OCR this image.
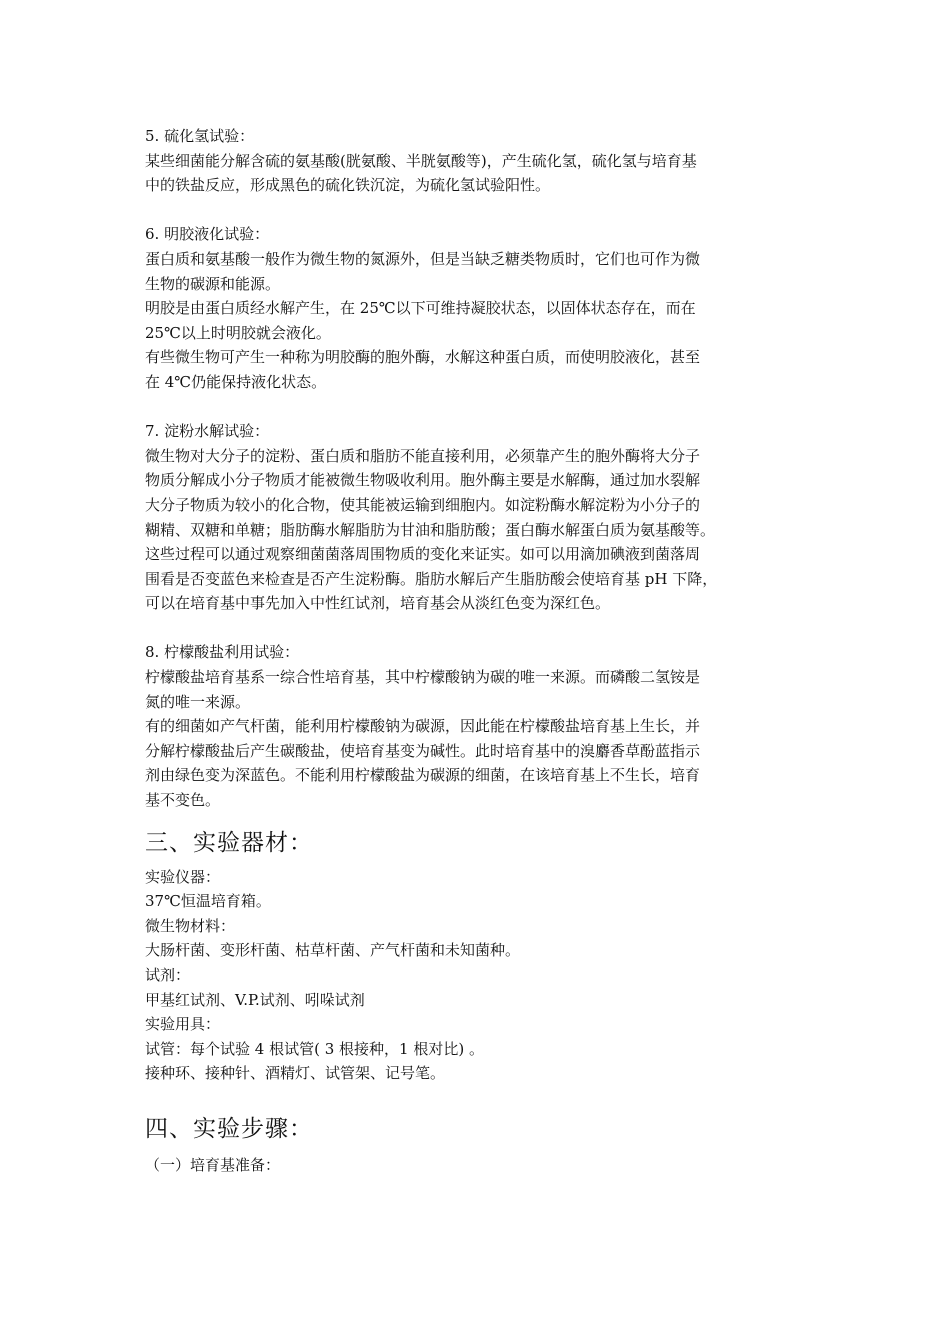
5. 硫化氢试验：
某些细菌能分解含硫的氨基酸(胱氨酸、半胱氨酸等)，产生硫化氢，硫化氢与培育基
中的铁盐反应，形成黑色的硫化铁沉淀，为硫化氢试验阳性。
6. 明胶液化试验：
蛋白质和氨基酸一般作为微生物的氮源外，但是当缺乏糖类物质时，它们也可作为微
生物的碳源和能源。
明胶是由蛋白质经水解产生，在 25℃以下可维持凝胶状态，以固体状态存在，而在
25℃以上时明胶就会液化。
有些微生物可产生一种称为明胶酶的胞外酶，水解这种蛋白质，而使明胶液化，甚至
在 4℃仍能保持液化状态。
7. 淀粉水解试验：
微生物对大分子的淀粉、蛋白质和脂肪不能直接利用，必须靠产生的胞外酶将大分子
物质分解成小分子物质才能被微生物吸收利用。胞外酶主要是水解酶，通过加水裂解
大分子物质为较小的化合物，使其能被运输到细胞内。如淀粉酶水解淀粉为小分子的
糊精、双糖和单糖；脂肪酶水解脂肪为甘油和脂肪酸；蛋白酶水解蛋白质为氨基酸等。
这些过程可以通过观察细菌菌落周围物质的变化来证实。如可以用滴加碘液到菌落周
围看是否变蓝色来检查是否产生淀粉酶。脂肪水解后产生脂肪酸会使培育基 pH 下降，
可以在培育基中事先加入中性红试剂，培育基会从淡红色变为深红色。
8. 柠檬酸盐利用试验：
柠檬酸盐培育基系一综合性培育基，其中柠檬酸钠为碳的唯一来源。而磷酸二氢铵是
氮的唯一来源。
有的细菌如产气杆菌，能利用柠檬酸钠为碳源，因此能在柠檬酸盐培育基上生长，并
分解柠檬酸盐后产生碳酸盐，使培育基变为碱性。此时培育基中的溴麝香草酚蓝指示
剂由绿色变为深蓝色。不能利用柠檬酸盐为碳源的细菌，在该培育基上不生长，培育
基不变色。
三、实验器材：
实验仪器：
37℃恒温培育箱。
微生物材料：
大肠杆菌、变形杆菌、枯草杆菌、产气杆菌和未知菌种。
试剂：
甲基红试剂、V.P.试剂、吲哚试剂
实验用具：
试管：每个试验 4 根试管( 3 根接种，1 根对比) 。
接种环、接种针、酒精灯、试管架、记号笔。
四、实验步骤：
（一）培育基准备：
